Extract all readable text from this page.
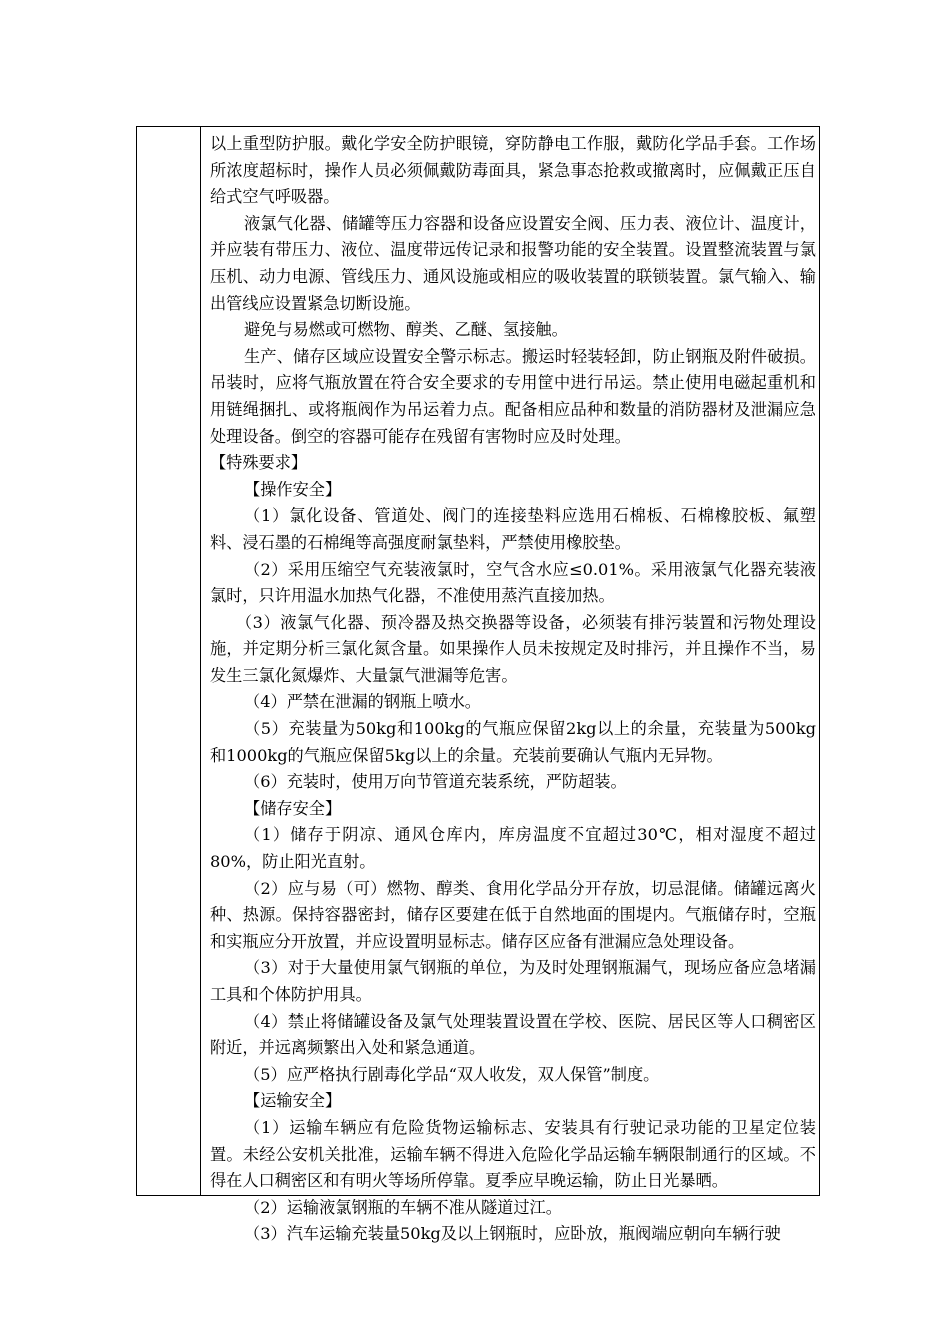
以上重型防护服。戴化学安全防护眼镜，穿防静电工作服，戴防化学品手套。工作场所浓度超标时，操作人员必须佩戴防毒面具，紧急事态抢救或撤离时，应佩戴正压自给式空气呼吸器。

液氯气化器、储罐等压力容器和设备应设置安全阀、压力表、液位计、温度计，并应装有带压力、液位、温度带远传记录和报警功能的安全装置。设置整流装置与氯压机、动力电源、管线压力、通风设施或相应的吸收装置的联锁装置。氯气输入、输出管线应设置紧急切断设施。

避免与易燃或可燃物、醇类、乙醚、氢接触。

生产、储存区域应设置安全警示标志。搬运时轻装轻卸，防止钢瓶及附件破损。吊装时，应将气瓶放置在符合安全要求的专用筐中进行吊运。禁止使用电磁起重机和用链绳捆扎、或将瓶阀作为吊运着力点。配备相应品种和数量的消防器材及泄漏应急处理设备。倒空的容器可能存在残留有害物时应及时处理。

【特殊要求】

【操作安全】

（1）氯化设备、管道处、阀门的连接垫料应选用石棉板、石棉橡胶板、氟塑料、浸石墨的石棉绳等高强度耐氯垫料，严禁使用橡胶垫。

（2）采用压缩空气充装液氯时，空气含水应≤0.01%。采用液氯气化器充装液氯时，只许用温水加热气化器，不准使用蒸汽直接加热。

（3）液氯气化器、预冷器及热交换器等设备，必须装有排污装置和污物处理设施，并定期分析三氯化氮含量。如果操作人员未按规定及时排污，并且操作不当，易发生三氯化氮爆炸、大量氯气泄漏等危害。

（4）严禁在泄漏的钢瓶上喷水。

（5）充装量为50kg和100kg的气瓶应保留2kg以上的余量，充装量为500kg和1000kg的气瓶应保留5kg以上的余量。充装前要确认气瓶内无异物。

（6）充装时，使用万向节管道充装系统，严防超装。

【储存安全】

（1）储存于阴凉、通风仓库内，库房温度不宜超过30℃，相对湿度不超过80%，防止阳光直射。

（2）应与易（可）燃物、醇类、食用化学品分开存放，切忌混储。储罐远离火种、热源。保持容器密封，储存区要建在低于自然地面的围堤内。气瓶储存时，空瓶和实瓶应分开放置，并应设置明显标志。储存区应备有泄漏应急处理设备。

（3）对于大量使用氯气钢瓶的单位，为及时处理钢瓶漏气，现场应备应急堵漏工具和个体防护用具。

（4）禁止将储罐设备及氯气处理装置设置在学校、医院、居民区等人口稠密区附近，并远离频繁出入处和紧急通道。

（5）应严格执行剧毒化学品“双人收发，双人保管”制度。

【运输安全】

（1）运输车辆应有危险货物运输标志、安装具有行驶记录功能的卫星定位装置。未经公安机关批准，运输车辆不得进入危险化学品运输车辆限制通行的区域。不得在人口稠密区和有明火等场所停靠。夏季应早晚运输，防止日光暴晒。

（2）运输液氯钢瓶的车辆不准从隧道过江。

（3）汽车运输充装量50kg及以上钢瓶时，应卧放，瓶阀端应朝向车辆行驶
